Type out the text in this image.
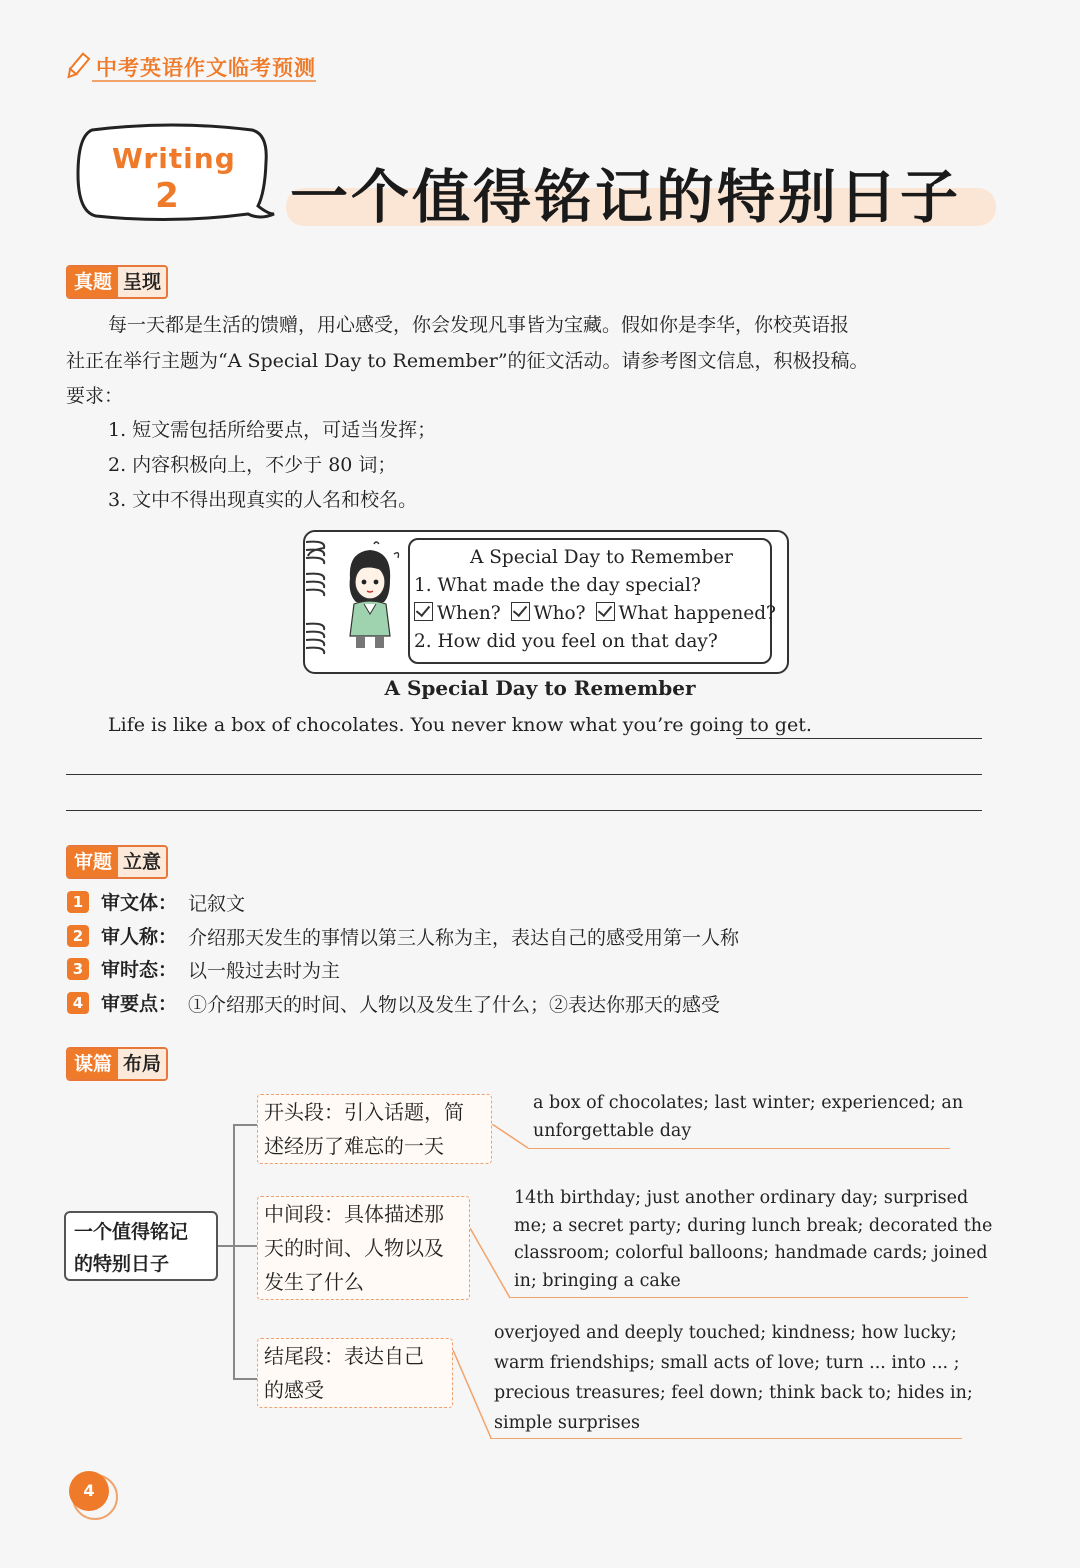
中考英语作文临考预测
Writing
2	一个值得铭记的特别日子
真题 呈现
每一天都是生活的馈赠，用心感受，你会发现凡事皆为宝藏。假如你是李华，你校英语报
社正在举行主题为“A Special Day to Remember”的征文活动。请参考图文信息，积极投稿。
要求：
1. 短文需包括所给要点，可适当发挥；
2. 内容积极向上，不少于 80 词；
3. 文中不得出现真实的人名和校名。
A Special Day to Remember
1. What made the day special?
When? Who? What happened?
2. How did you feel on that day?
A Special Day to Remember
Life is like a box of chocolates. You never know what you’re going to get.
审题 立意
1 审文体： 记叙文
2 审人称： 介绍那天发生的事情以第三人称为主，表达自己的感受用第一人称
3 审时态： 以一般过去时为主
4 审要点： ①介绍那天的时间、人物以及发生了什么；②表达你那天的感受
谋篇 布局
一个值得铭记
的特别日子
开头段：引入话题，简
述经历了难忘的一天
a box of chocolates; last winter; experienced; an
unforgettable day
中间段：具体描述那
天的时间、人物以及
发生了什么
14th birthday; just another ordinary day; surprised
me; a secret party; during lunch break; decorated the
classroom; colorful balloons; handmade cards; joined
in; bringing a cake
结尾段：表达自己
的感受
overjoyed and deeply touched; kindness; how lucky;
warm friendships; small acts of love; turn ... into ... ;
precious treasures; feel down; think back to; hides in;
simple surprises
4
